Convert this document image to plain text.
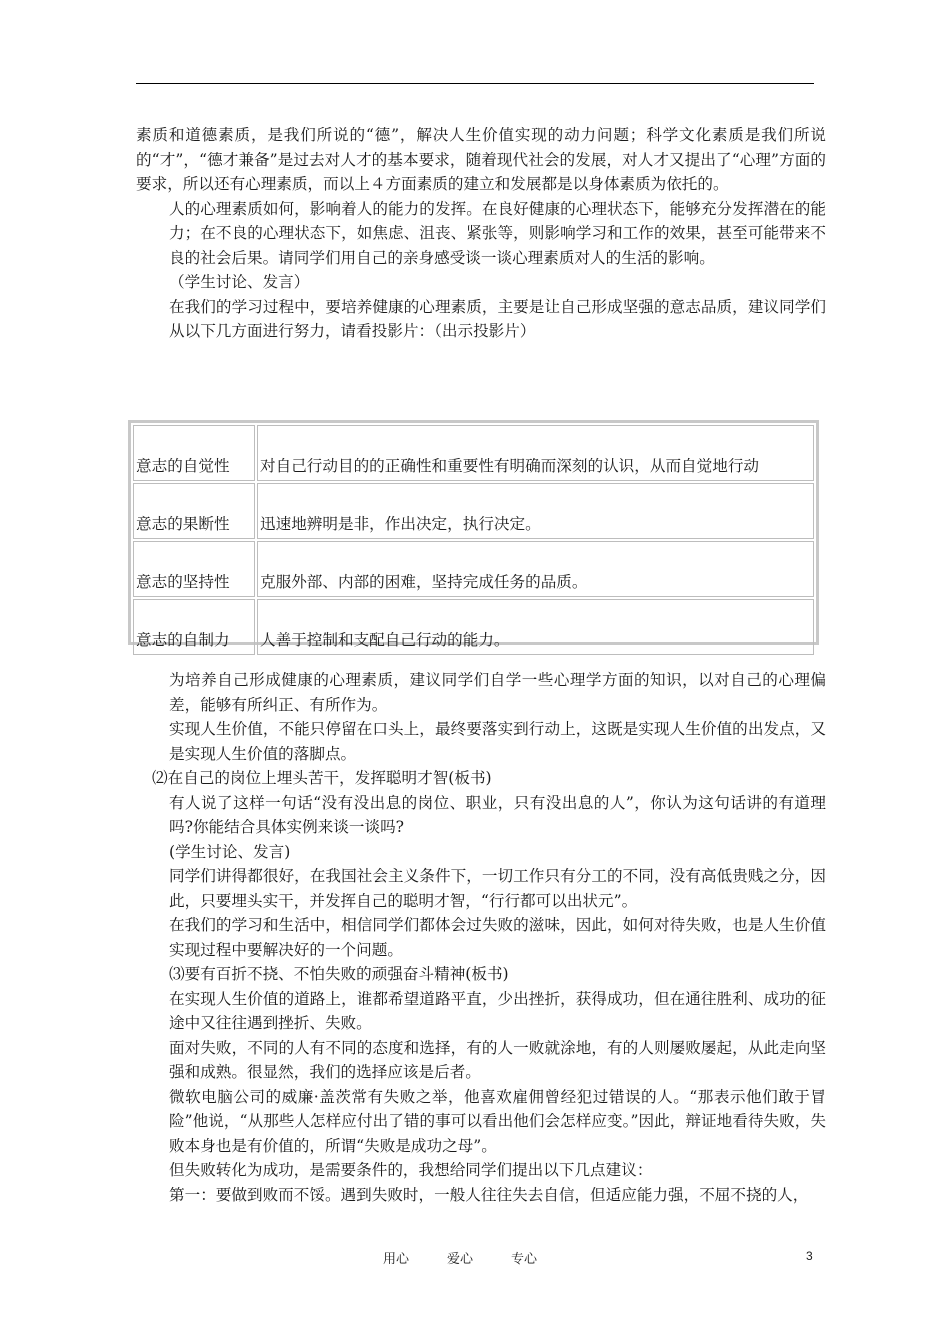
素质和道德素质，是我们所说的“德”，解决人生价值实现的动力问题；科学文化素质是我们所说的“才”，“德才兼备”是过去对人才的基本要求，随着现代社会的发展，对人才又提出了“心理”方面的要求，所以还有心理素质，而以上４方面素质的建立和发展都是以身体素质为依托的。

人的心理素质如何，影响着人的能力的发挥。在良好健康的心理状态下，能够充分发挥潜在的能力；在不良的心理状态下，如焦虑、沮丧、紧张等，则影响学习和工作的效果，甚至可能带来不良的社会后果。请同学们用自己的亲身感受谈一谈心理素质对人的生活的影响。

（学生讨论、发言）

在我们的学习过程中，要培养健康的心理素质，主要是让自己形成坚强的意志品质，建议同学们从以下几方面进行努力，请看投影片：（出示投影片）

意志的自觉性	对自己行动目的的正确性和重要性有明确而深刻的认识，从而自觉地行动
意志的果断性	迅速地辨明是非，作出决定，执行决定。
意志的坚持性	克服外部、内部的困难，坚持完成任务的品质。
意志的自制力	人善于控制和支配自己行动的能力。

为培养自己形成健康的心理素质，建议同学们自学一些心理学方面的知识，以对自己的心理偏差，能够有所纠正、有所作为。

实现人生价值，不能只停留在口头上，最终要落实到行动上，这既是实现人生价值的出发点，又是实现人生价值的落脚点。

⑵在自己的岗位上埋头苦干，发挥聪明才智(板书)

有人说了这样一句话“没有没出息的岗位、职业，只有没出息的人”，你认为这句话讲的有道理吗?你能结合具体实例来谈一谈吗?

(学生讨论、发言)

同学们讲得都很好，在我国社会主义条件下，一切工作只有分工的不同，没有高低贵贱之分，因此，只要埋头实干，并发挥自己的聪明才智，“行行都可以出状元”。

在我们的学习和生活中，相信同学们都体会过失败的滋味，因此，如何对待失败，也是人生价值实现过程中要解决好的一个问题。

⑶要有百折不挠、不怕失败的顽强奋斗精神(板书)

在实现人生价值的道路上，谁都希望道路平直，少出挫折，获得成功，但在通往胜利、成功的征途中又往往遇到挫折、失败。

面对失败，不同的人有不同的态度和选择，有的人一败就涂地，有的人则屡败屡起，从此走向坚强和成熟。很显然，我们的选择应该是后者。

微软电脑公司的威廉·盖茨常有失败之举，他喜欢雇佣曾经犯过错误的人。“那表示他们敢于冒险”他说，“从那些人怎样应付出了错的事可以看出他们会怎样应变。”因此，辩证地看待失败，失败本身也是有价值的，所谓“失败是成功之母”。

但失败转化为成功，是需要条件的，我想给同学们提出以下几点建议：

第一：要做到败而不馁。遇到失败时，一般人往往失去自信，但适应能力强，不屈不挠的人，

用心	爱心	专心	3
